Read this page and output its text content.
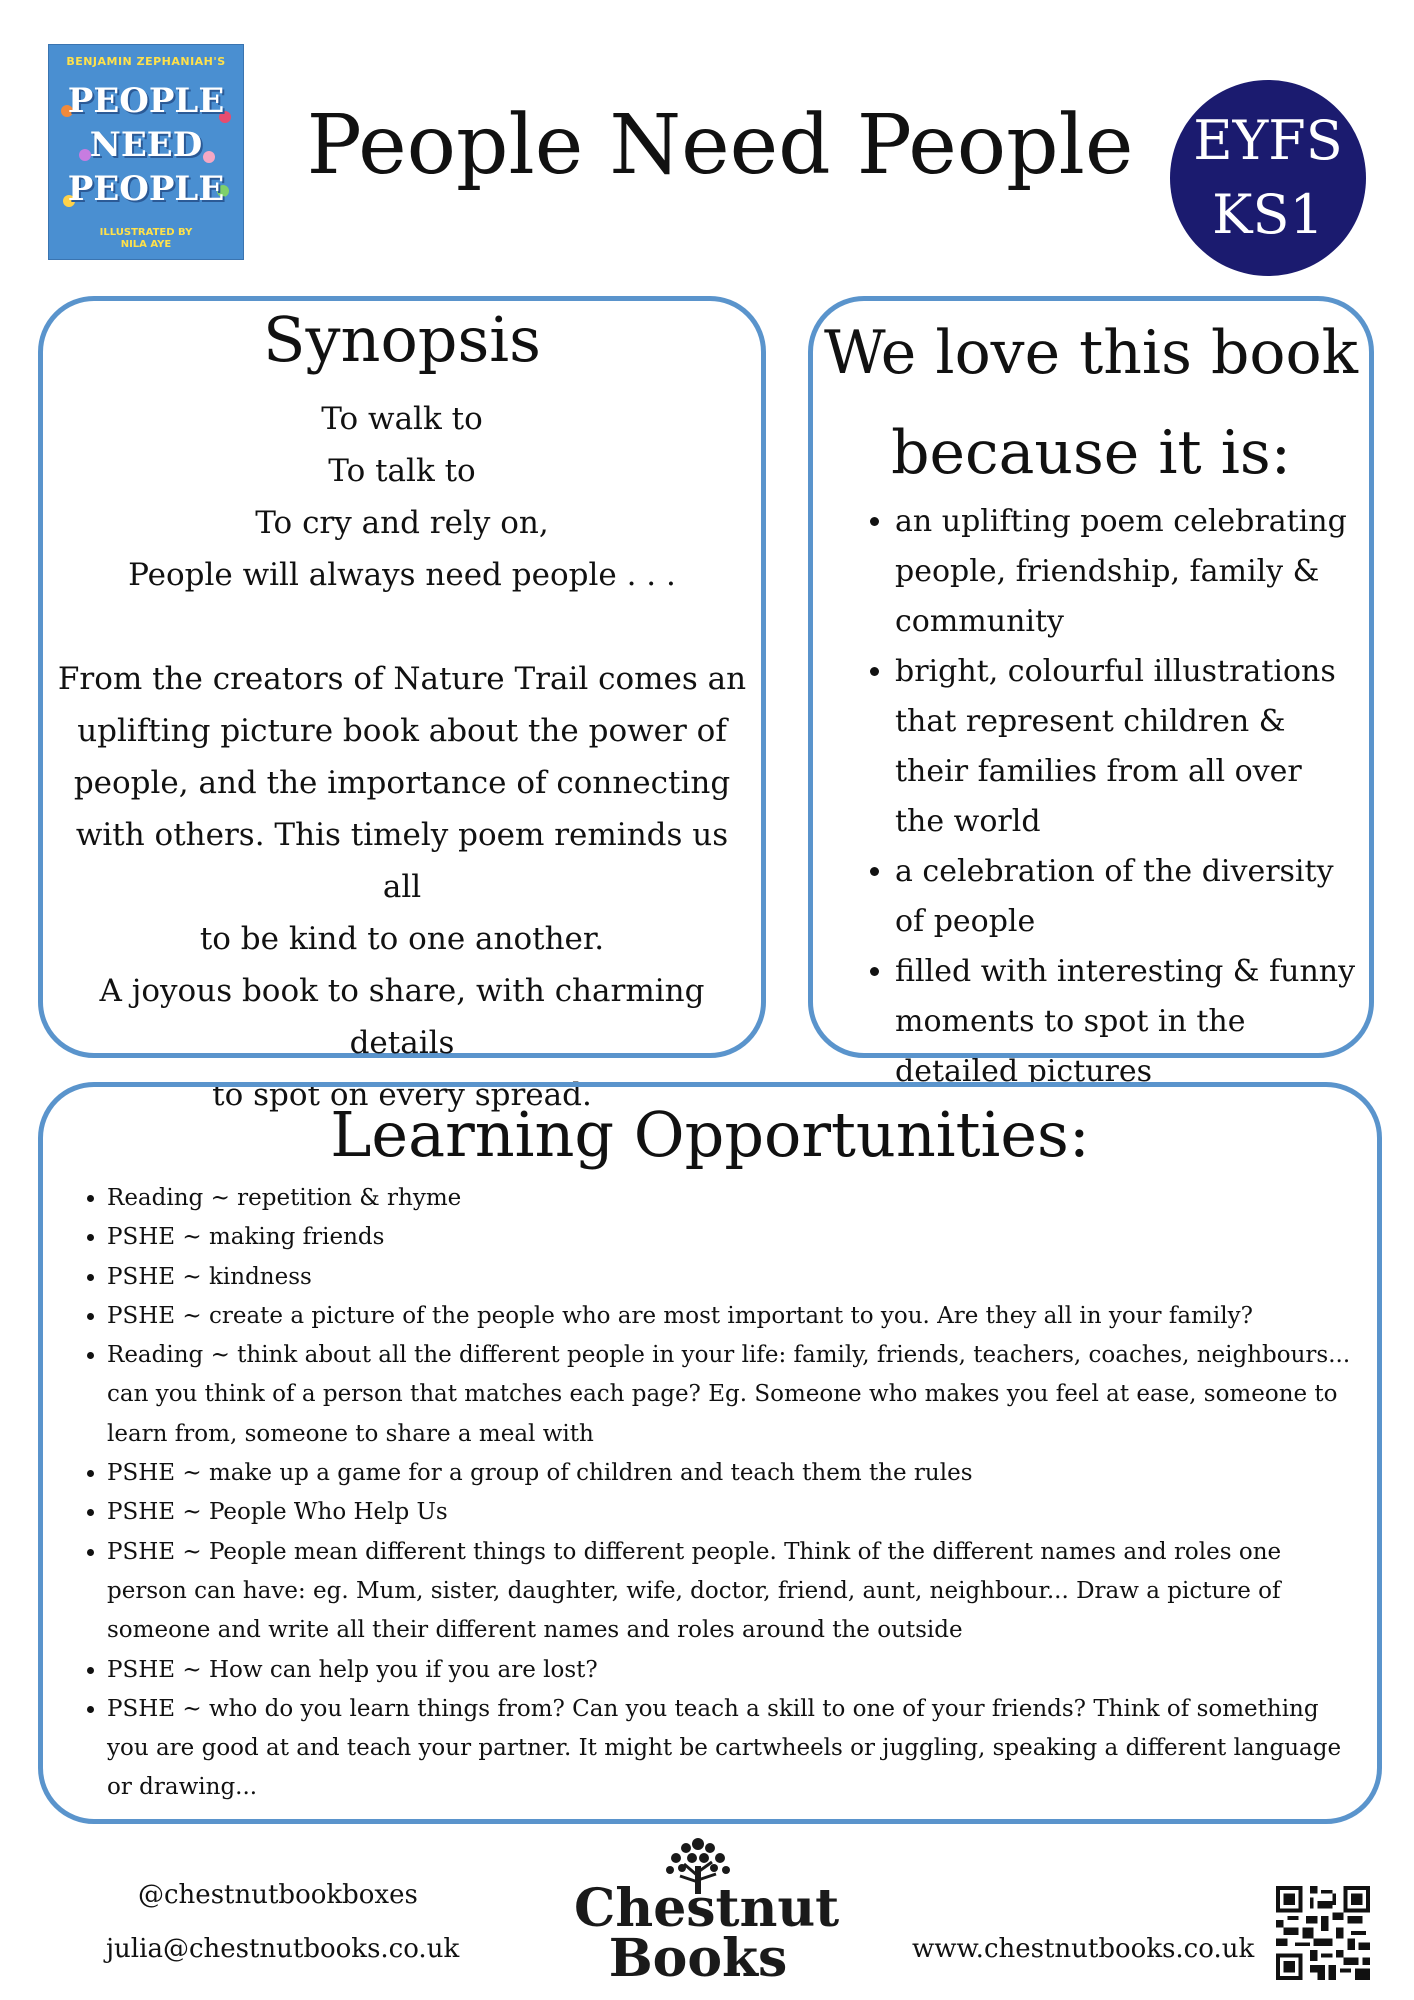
BENJAMIN ZEPHANIAH'S
PEOPLE
NEED
PEOPLE
ILLUSTRATED BY
NILA AYE
People Need People	EYFS
KS1
Synopsis
To walk to
To talk to
To cry and rely on,
People will always need people . . .
From the creators of Nature Trail comes an
uplifting picture book about the power of
people, and the importance of connecting
with others. This timely poem reminds us all
to be kind to one another.
A joyous book to share, with charming details
to spot on every spread.
We love this book
because it is:
• an uplifting poem celebrating people, friendship, family & community
• bright, colourful illustrations that represent children & their families from all over the world
• a celebration of the diversity of people
• filled with interesting & funny moments to spot in the detailed pictures
Learning Opportunities:
• Reading ~ repetition & rhyme
• PSHE ~ making friends
• PSHE ~ kindness
• PSHE ~ create a picture of the people who are most important to you. Are they all in your family?
• Reading ~ think about all the different people in your life: family, friends, teachers, coaches, neighbours... can you think of a person that matches each page? Eg. Someone who makes you feel at ease, someone to learn from, someone to share a meal with
• PSHE ~ make up a game for a group of children and teach them the rules
• PSHE ~ People Who Help Us
• PSHE ~ People mean different things to different people. Think of the different names and roles one person can have: eg. Mum, sister, daughter, wife, doctor, friend, aunt, neighbour... Draw a picture of someone and write all their different names and roles around the outside
• PSHE ~ How can help you if you are lost?
• PSHE ~ who do you learn things from? Can you teach a skill to one of your friends? Think of something you are good at and teach your partner. It might be cartwheels or juggling, speaking a different language or drawing...
@chestnutbookboxes
julia@chestnutbooks.co.uk
Chestnut
Books	www.chestnutbooks.co.uk
